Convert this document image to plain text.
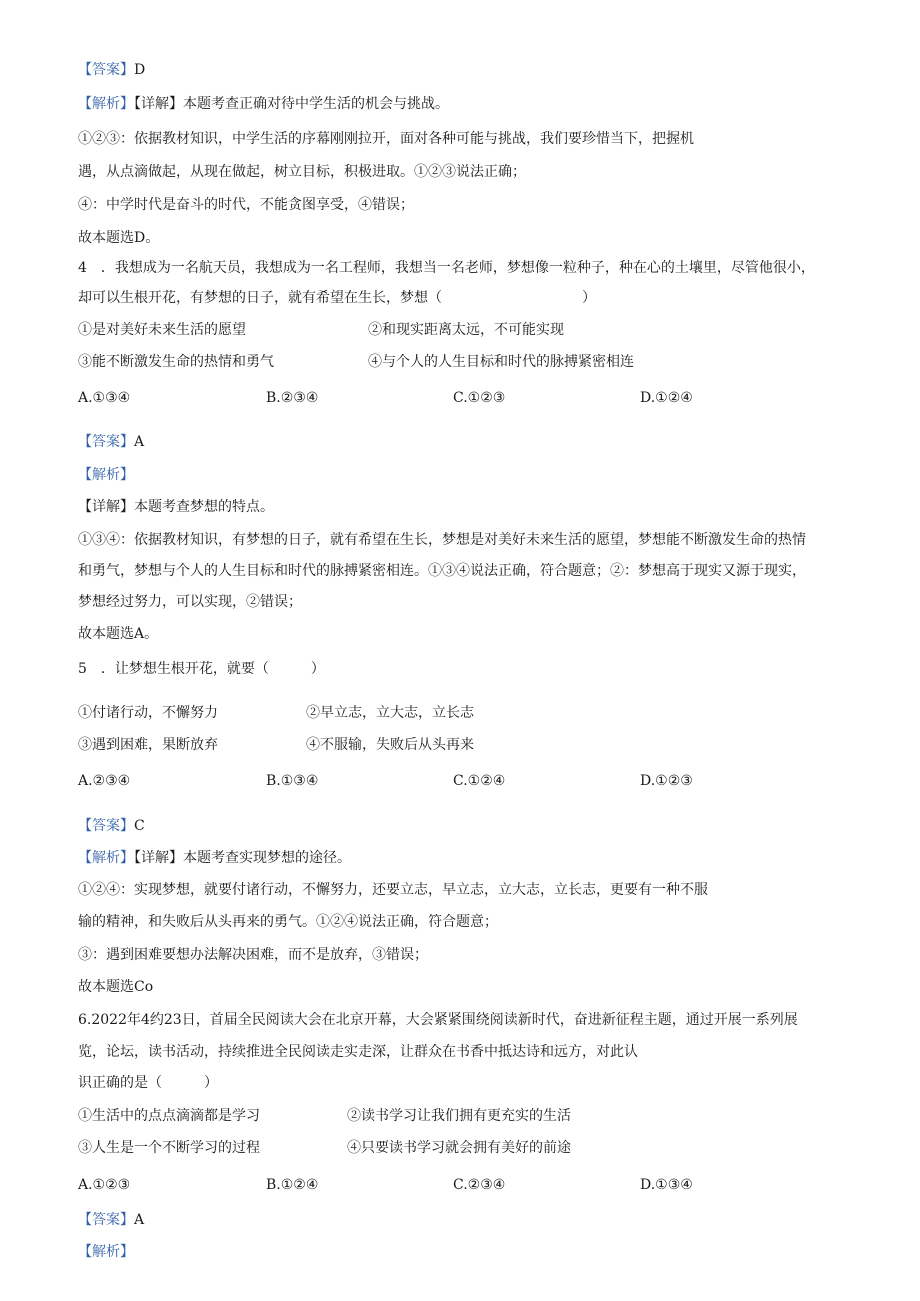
【答案】D
【解析】【详解】本题考查正确对待中学生活的机会与挑战。
①②③：依据教材知识，中学生活的序幕刚刚拉开，面对各种可能与挑战，我们要珍惜当下，把握机
遇，从点滴做起，从现在做起，树立目标，积极进取。①②③说法正确；
④：中学时代是奋斗的时代，不能贪图享受，④错误；
故本题选D。
4　．我想成为一名航天员，我想成为一名工程师，我想当一名老师，梦想像一粒种子，种在心的土壤里，尽管他很小，
却可以生根开花，有梦想的日子，就有希望在生长，梦想（　　　　　　　　　　）
①是对美好未来生活的愿望	②和现实距离太远，不可能实现
③能不断激发生命的热情和勇气	④与个人的人生目标和时代的脉搏紧密相连
A.①③④	B.②③④	C.①②③	D.①②④
【答案】A
【解析】
【详解】本题考查梦想的特点。
①③④：依据教材知识，有梦想的日子，就有希望在生长，梦想是对美好未来生活的愿望，梦想能不断激发生命的热情
和勇气，梦想与个人的人生目标和时代的脉搏紧密相连。①③④说法正确，符合题意；②：梦想高于现实又源于现实，
梦想经过努力，可以实现，②错误；
故本题选A。
5　．让梦想生根开花，就要（　　　）
①付诸行动，不懈努力	②早立志，立大志，立长志
③遇到困难，果断放弃	④不服输，失败后从头再来
A.②③④	B.①③④	C.①②④	D.①②③
【答案】C
【解析】【详解】本题考查实现梦想的途径。
①②④：实现梦想，就要付诸行动，不懈努力，还要立志，早立志，立大志，立长志，更要有一种不服
输的精神，和失败后从头再来的勇气。①②④说法正确，符合题意；
③：遇到困难要想办法解决困难，而不是放弃，③错误；
故本题选Co
6.2022年4约23日，首届全民阅读大会在北京开幕，大会紧紧围绕阅读新时代，奋进新征程主题，通过开展一系列展
览，论坛，读书活动，持续推进全民阅读走实走深，让群众在书香中抵达诗和远方，对此认
识正确的是（　　　）
①生活中的点点滴滴都是学习	②读书学习让我们拥有更充实的生活
③人生是一个不断学习的过程	④只要读书学习就会拥有美好的前途
A.①②③	B.①②④	C.②③④	D.①③④
【答案】A
【解析】
